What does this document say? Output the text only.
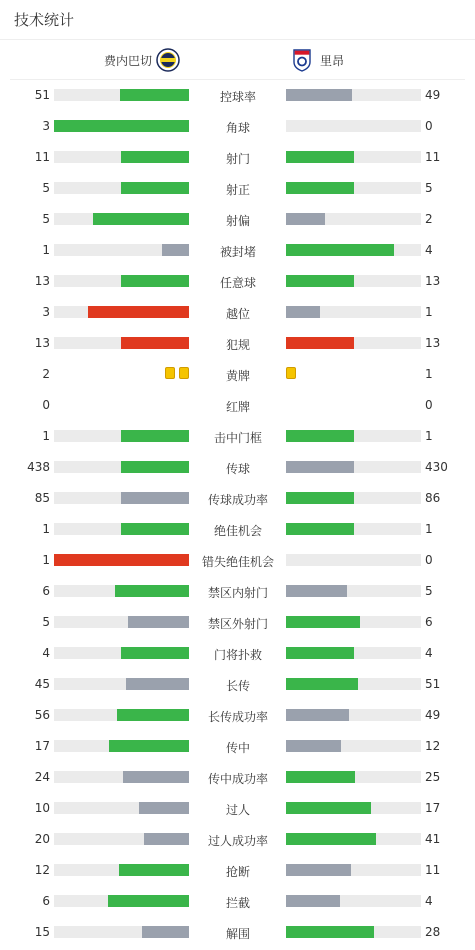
技术统计
费内巴切	里昂
51	控球率	49
3	角球	0
11	射门	11
5	射正	5
5	射偏	2
1	被封堵	4
13	任意球	13
3	越位	1
13	犯规	13
2	黄牌	1
0	红牌	0
1	击中门框	1
438	传球	430
85	传球成功率	86
1	绝佳机会	1
1	错失绝佳机会	0
6	禁区内射门	5
5	禁区外射门	6
4	门将扑救	4
45	长传	51
56	长传成功率	49
17	传中	12
24	传中成功率	25
10	过人	17
20	过人成功率	41
12	抢断	11
6	拦截	4
15	解围	28
